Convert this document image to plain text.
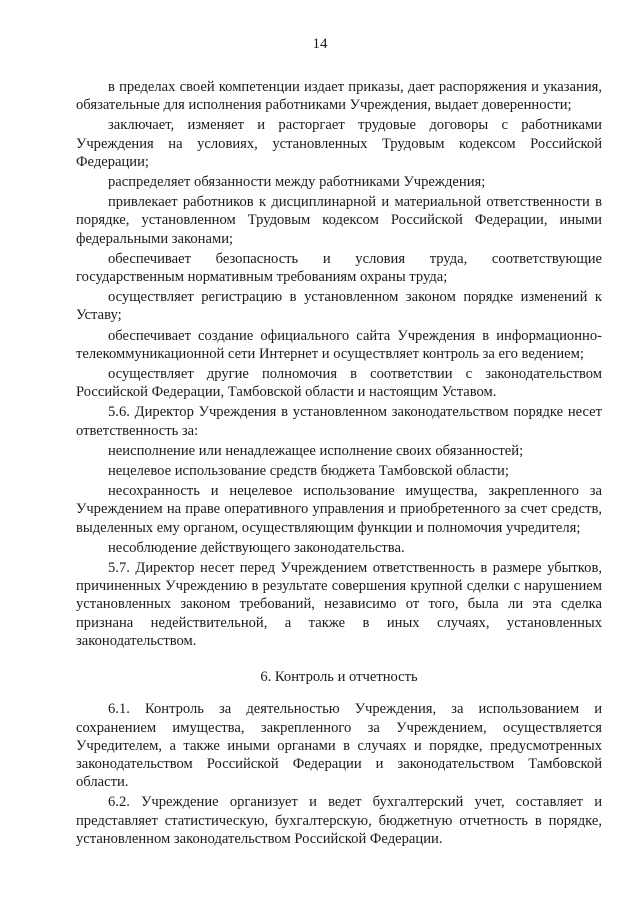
14

в пределах своей компетенции издает приказы, дает распоряжения и указания, обязательные для исполнения работниками Учреждения, выдает доверенности;

заключает, изменяет и расторгает трудовые договоры с работниками Учреждения на условиях, установленных Трудовым кодексом Российской Федерации;

распределяет обязанности между работниками Учреждения;

привлекает работников к дисциплинарной и материальной ответственности в порядке, установленном Трудовым кодексом Российской Федерации, иными федеральными законами;

обеспечивает безопасность и условия труда, соответствующие государственным нормативным требованиям охраны труда;

осуществляет регистрацию в установленном законом порядке изменений к Уставу;

обеспечивает создание официального сайта Учреждения в информационно-телекоммуникационной сети Интернет и осуществляет контроль за его ведением;

осуществляет другие полномочия в соответствии с законодательством Российской Федерации, Тамбовской области и настоящим Уставом.

5.6. Директор Учреждения в установленном законодательством порядке несет ответственность за:

неисполнение или ненадлежащее исполнение своих обязанностей;

нецелевое использование средств бюджета Тамбовской области;

несохранность и нецелевое использование имущества, закрепленного за Учреждением на праве оперативного управления и приобретенного за счет средств, выделенных ему органом, осуществляющим функции и полномочия учредителя;

несоблюдение действующего законодательства.

5.7. Директор несет перед Учреждением ответственность в размере убытков, причиненных Учреждению в результате совершения крупной сделки с нарушением установленных законом требований, независимо от того, была ли эта сделка признана недействительной, а также в иных случаях, установленных законодательством.

6. Контроль и отчетность

6.1. Контроль за деятельностью Учреждения, за использованием и сохранением имущества, закрепленного за Учреждением, осуществляется Учредителем, а также иными органами в случаях и порядке, предусмотренных законодательством Российской Федерации и законодательством Тамбовской области.

6.2. Учреждение организует и ведет бухгалтерский учет, составляет и представляет статистическую, бухгалтерскую, бюджетную отчетность в порядке, установленном законодательством Российской Федерации.
